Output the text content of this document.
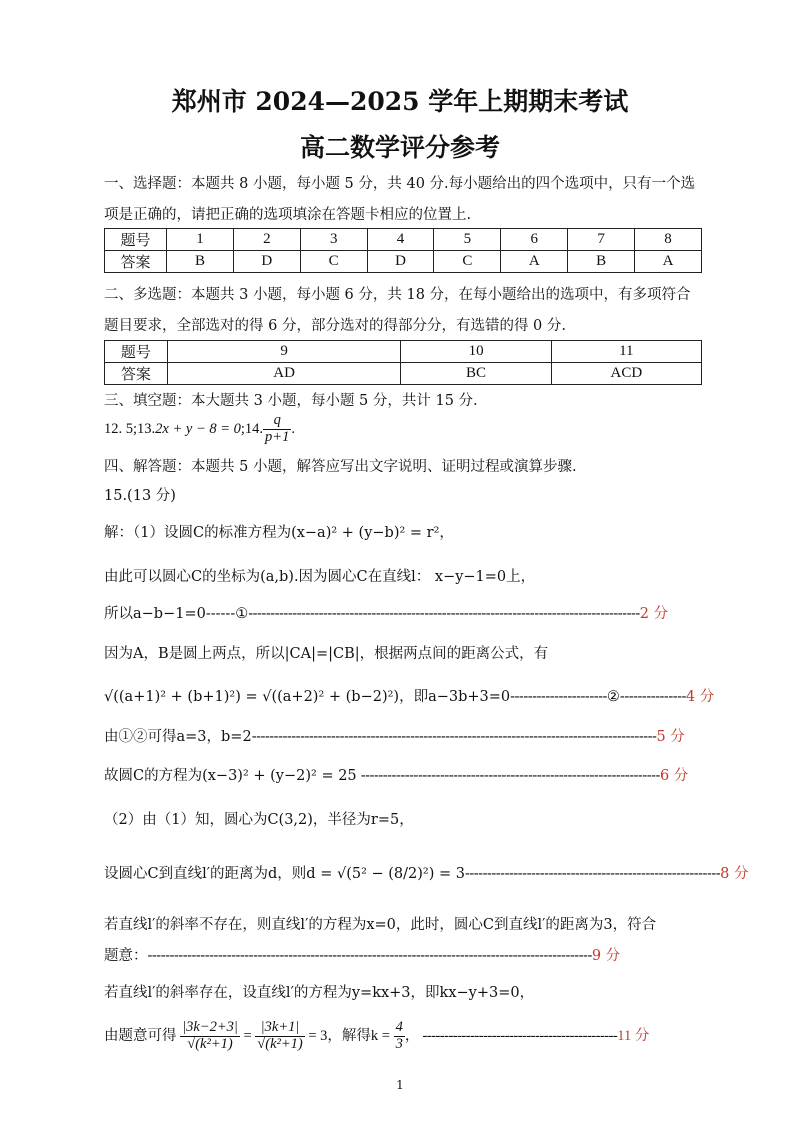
郑州市 2024—2025 学年上期期末考试
高二数学评分参考
一、选择题：本题共 8 小题，每小题 5 分，共 40 分.每小题给出的四个选项中，只有一个选
项是正确的，请把正确的选项填涂在答题卡相应的位置上.
题号	1	2	3	4	5	6	7	8
答案	B	D	C	D	C	A	B	A
二、多选题：本题共 3 小题，每小题 6 分，共 18 分，在每小题给出的选项中，有多项符合
题目要求，全部选对的得 6 分，部分选对的得部分分，有选错的得 0 分.
题号	9	10	11
答案	AD	BC	ACD
三、填空题：本大题共 3 小题，每小题 5 分，共计 15 分.
12. 5;13.2x + y − 8 = 0;14. $\frac{q}{p+1}$ .
四、解答题：本题共 5 小题，解答应写出文字说明、证明过程或演算步骤.
15.(13 分)
解：（1）设圆C的标准方程为(x−a)² + (y−b)² = r²，
由此可以圆心C的坐标为(a,b).因为圆心C在直线l： x−y−1=0上，
所以a−b−1=0------①-----------------------------------------------------------------------------------------2 分
因为A，B是圆上两点，所以|CA|=|CB|，根据两点间的距离公式，有
√((a+1)² + (b+1)²) = √((a+2)² + (b−2)²)，即a−3b+3=0----------------------②---------------4 分
由①②可得a=3，b=2--------------------------------------------------------------------------------------------5 分
故圆C的方程为(x−3)² + (y−2)² = 25 --------------------------------------------------------------------6 分
（2）由（1）知，圆心为C(3,2)，半径为r=5，
设圆心C到直线l′的距离为d，则d = √(5² − (8/2)²) = 3----------------------------------------------------------8 分
若直线l′的斜率不存在，则直线l′的方程为x=0，此时，圆心C到直线l′的距离为3，符合
题意：-----------------------------------------------------------------------------------------------------9 分
若直线l′的斜率存在，设直线l′的方程为y=kx+3，即kx−y+3=0，
由题意可得 $\frac{|3k-2+3|}{\text{√(k²+1)}} = \frac{|3k+1|}{\text{√(k²+1)}} = 3$，解得$k = \frac{4}{3}$ ， ---------------------------------------------11 分
1
